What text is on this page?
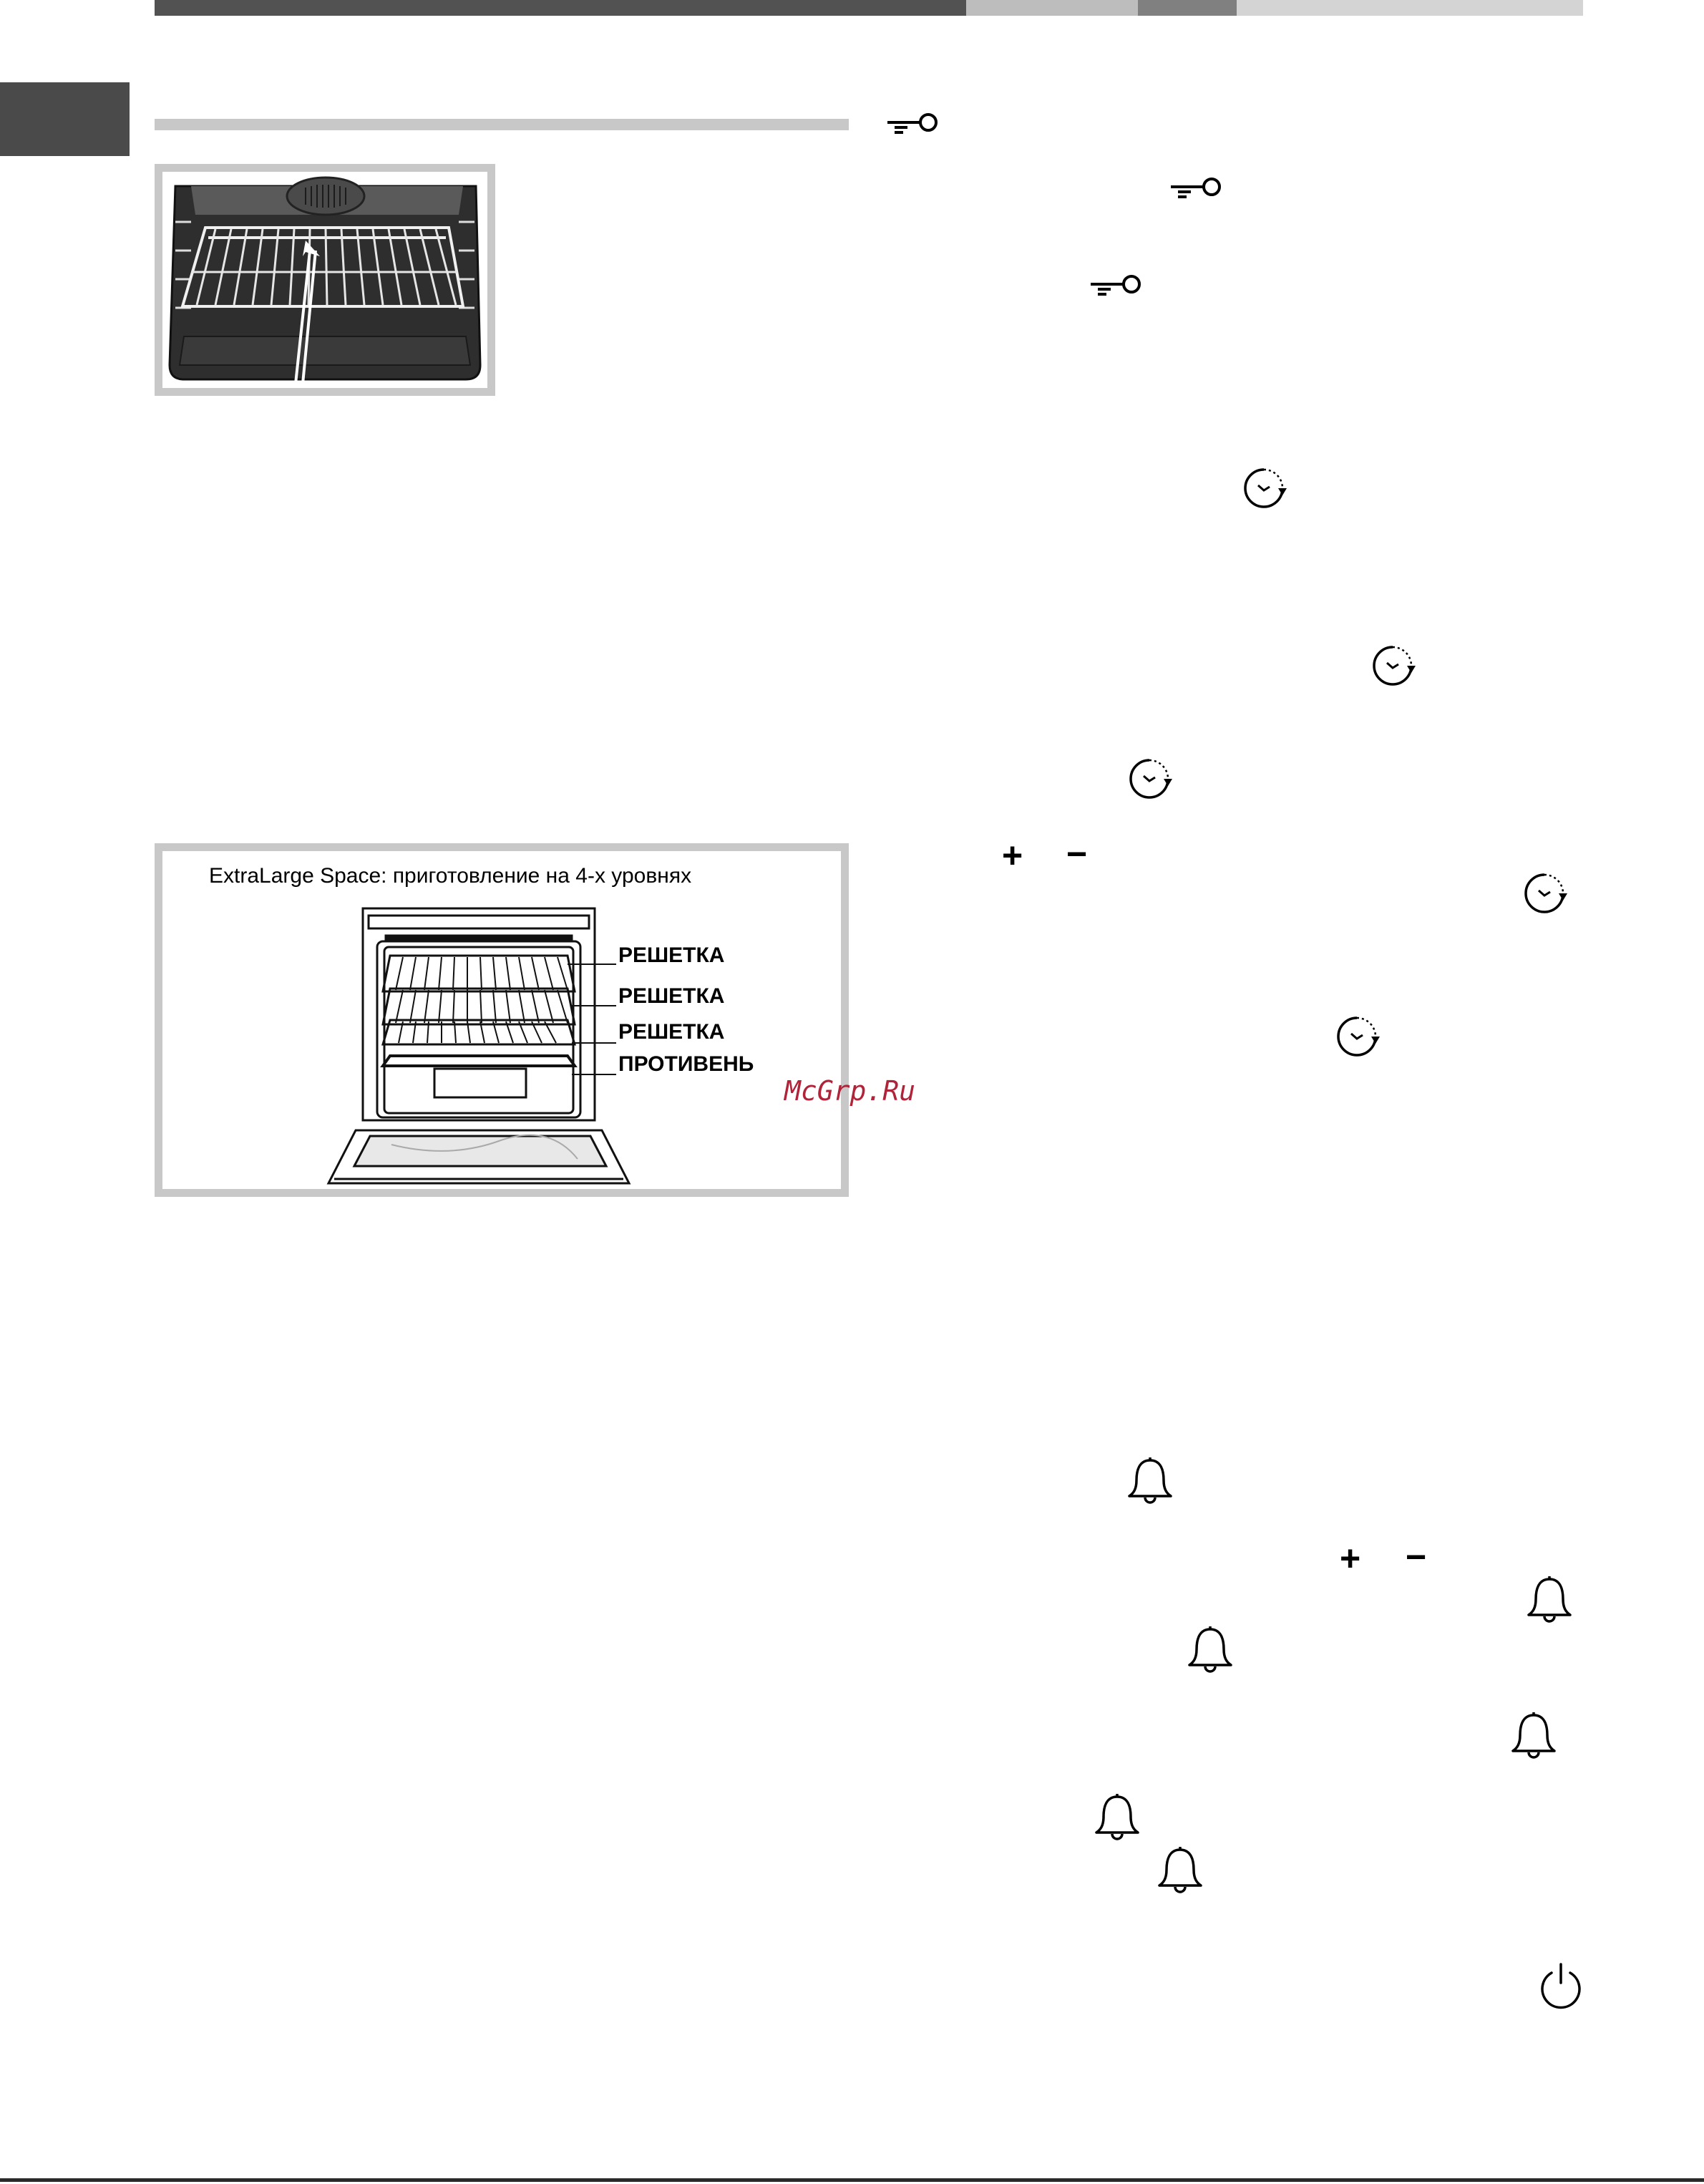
ExtraLarge Space: приготовление на 4-х уровнях
РЕШЕТКА
РЕШЕТКА
РЕШЕТКА
ПРОТИВЕНЬ
McGrp.Ru
+ −
+ −
